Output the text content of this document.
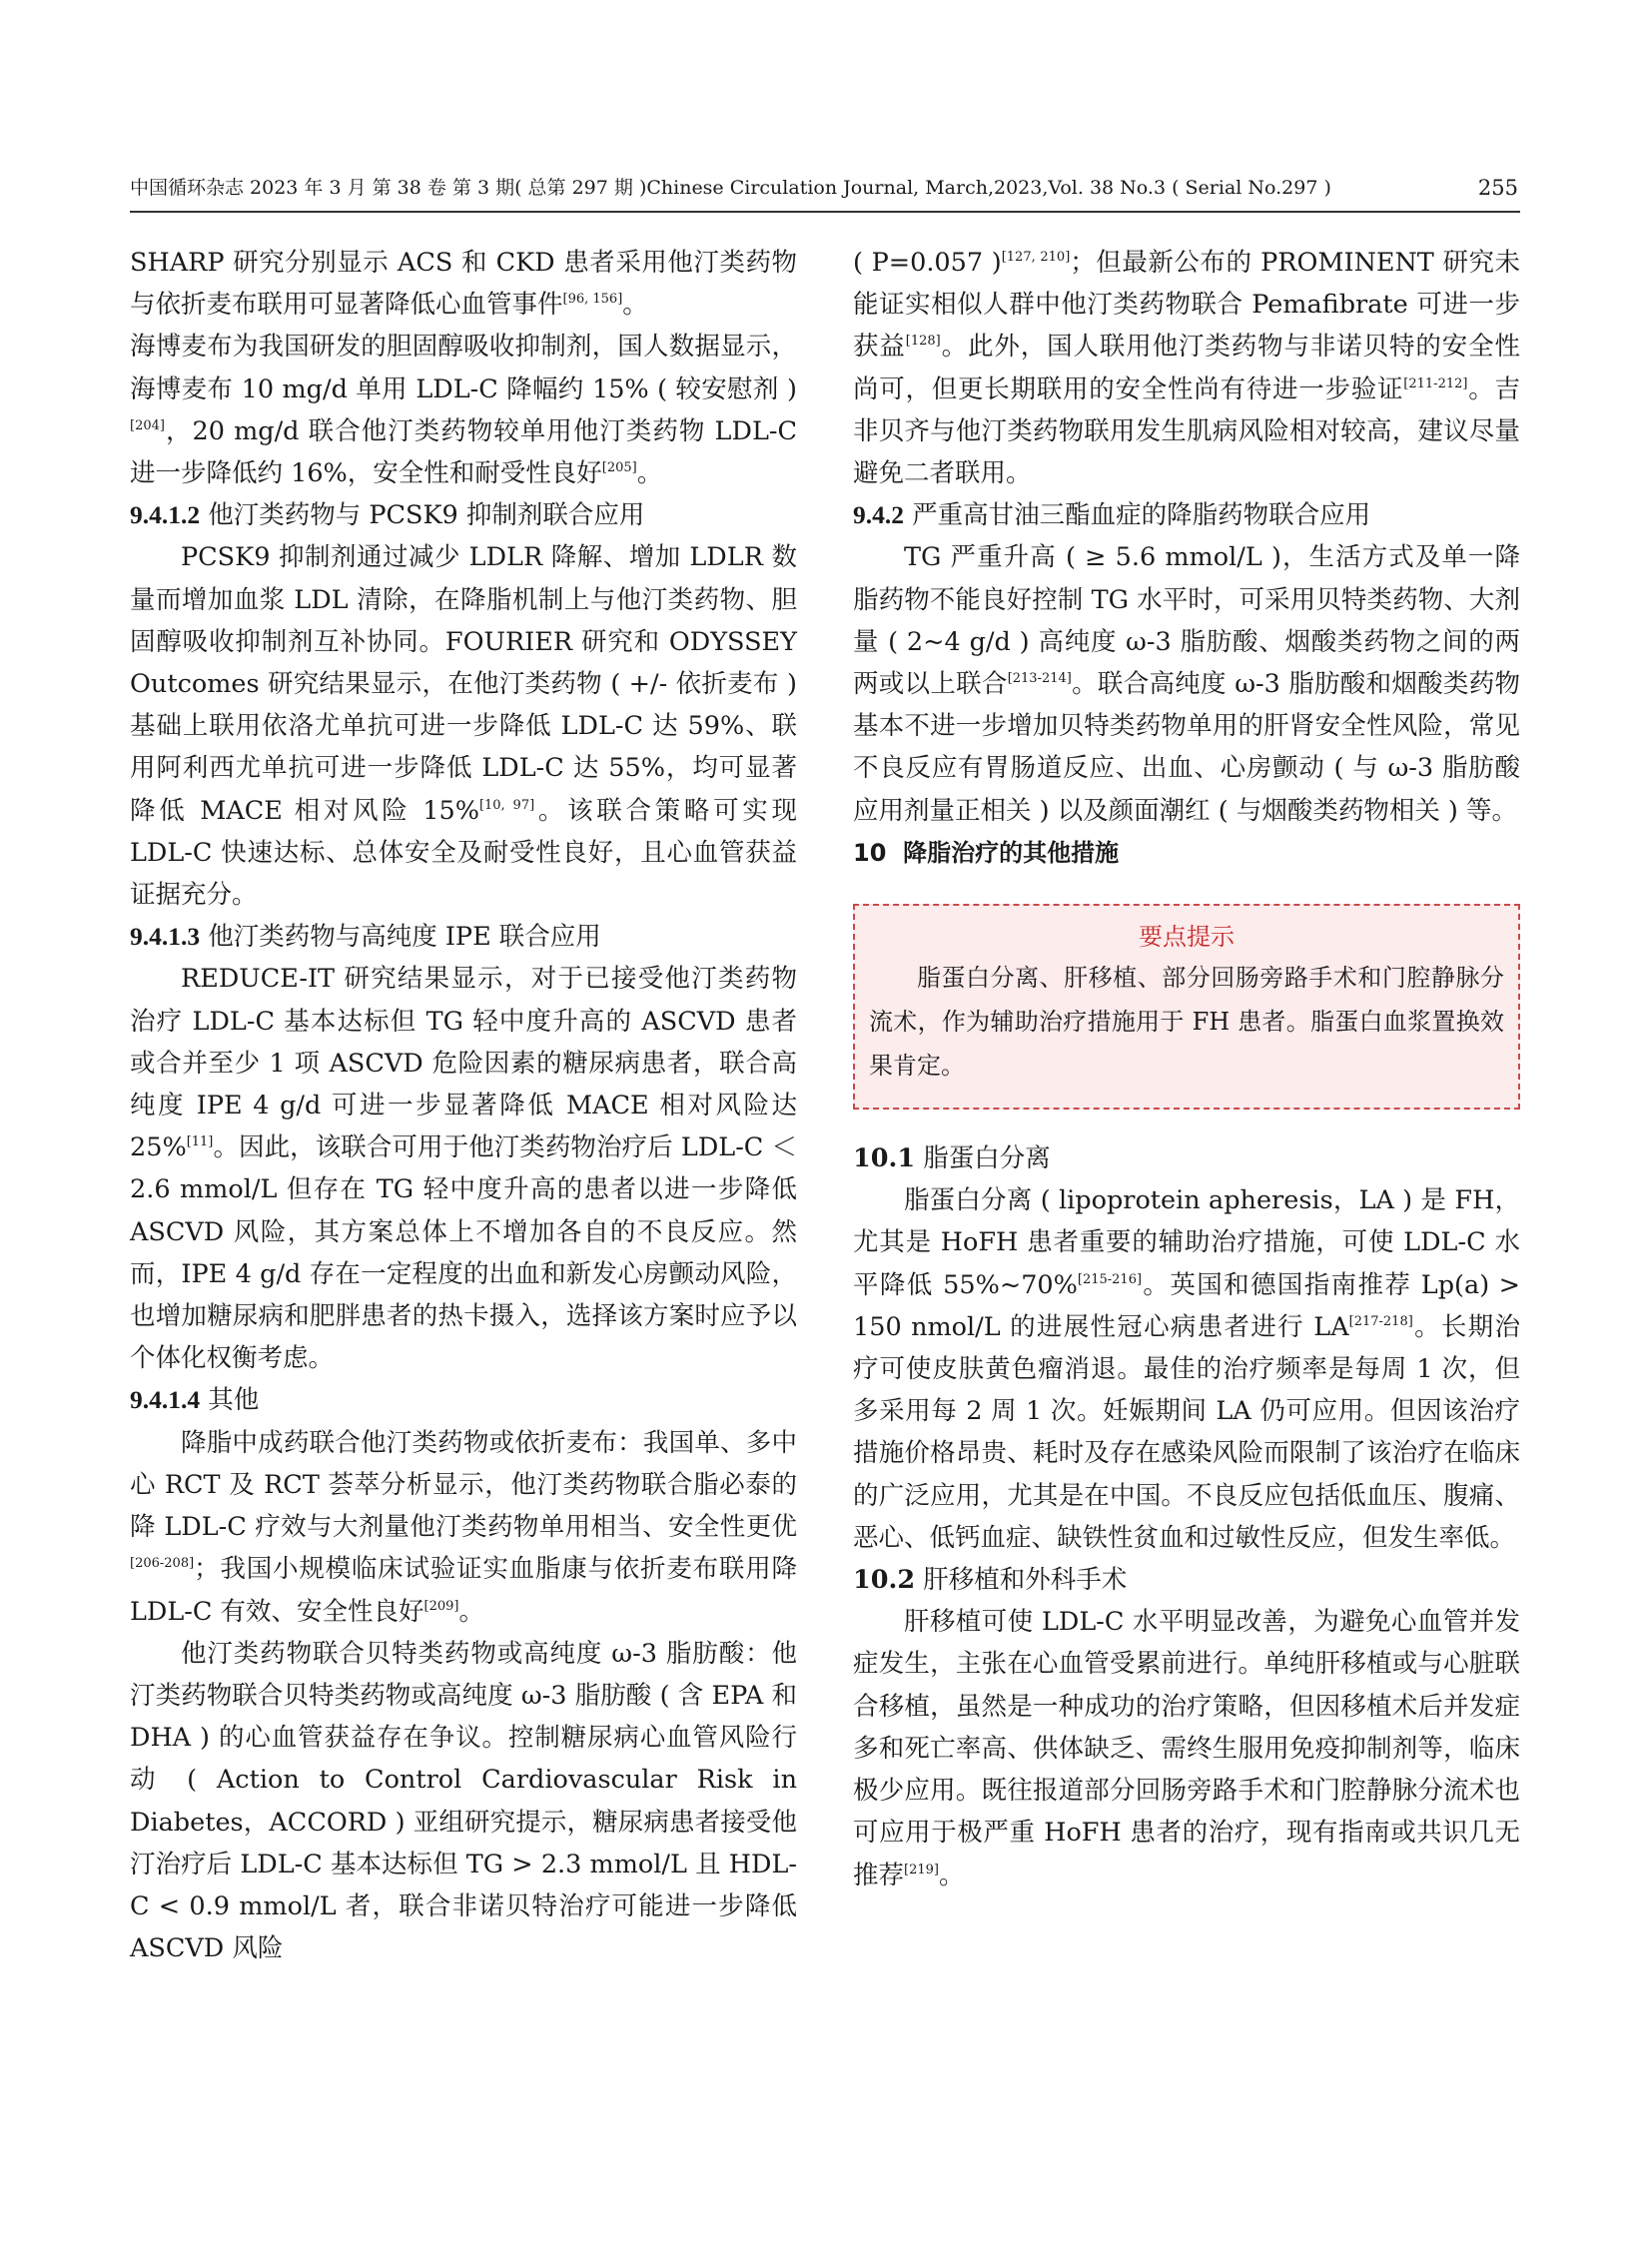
中国循环杂志 2023 年 3 月 第 38 卷 第 3 期( 总第 297 期 )Chinese Circulation Journal, March,2023,Vol. 38 No.3 ( Serial No.297 )	255

SHARP 研究分别显示 ACS 和 CKD 患者采用他汀类药物与依折麦布联用可显著降低心血管事件[96, 156]。

海博麦布为我国研发的胆固醇吸收抑制剂，国人数据显示，海博麦布 10 mg/d 单用 LDL-C 降幅约 15% ( 较安慰剂 )[204]，20 mg/d 联合他汀类药物较单用他汀类药物 LDL-C 进一步降低约 16%，安全性和耐受性良好[205]。

9.4.1.2 他汀类药物与 PCSK9 抑制剂联合应用

PCSK9 抑制剂通过减少 LDLR 降解、增加 LDLR 数量而增加血浆 LDL 清除，在降脂机制上与他汀类药物、胆固醇吸收抑制剂互补协同。FOURIER 研究和 ODYSSEY Outcomes 研究结果显示，在他汀类药物 ( +/- 依折麦布 ) 基础上联用依洛尤单抗可进一步降低 LDL-C 达 59%、联用阿利西尤单抗可进一步降低 LDL-C 达 55%，均可显著降低 MACE 相对风险 15%[10, 97]。该联合策略可实现 LDL-C 快速达标、总体安全及耐受性良好，且心血管获益证据充分。

9.4.1.3 他汀类药物与高纯度 IPE 联合应用

REDUCE-IT 研究结果显示，对于已接受他汀类药物治疗 LDL-C 基本达标但 TG 轻中度升高的 ASCVD 患者或合并至少 1 项 ASCVD 危险因素的糖尿病患者，联合高纯度 IPE 4 g/d 可进一步显著降低 MACE 相对风险达 25%[11]。因此，该联合可用于他汀类药物治疗后 LDL-C ＜ 2.6 mmol/L 但存在 TG 轻中度升高的患者以进一步降低 ASCVD 风险，其方案总体上不增加各自的不良反应。然而，IPE 4 g/d 存在一定程度的出血和新发心房颤动风险，也增加糖尿病和肥胖患者的热卡摄入，选择该方案时应予以个体化权衡考虑。

9.4.1.4 其他

降脂中成药联合他汀类药物或依折麦布：我国单、多中心 RCT 及 RCT 荟萃分析显示，他汀类药物联合脂必泰的降 LDL-C 疗效与大剂量他汀类药物单用相当、安全性更优[206-208]；我国小规模临床试验证实血脂康与依折麦布联用降 LDL-C 有效、安全性良好[209]。

他汀类药物联合贝特类药物或高纯度 ω-3 脂肪酸：他汀类药物联合贝特类药物或高纯度 ω-3 脂肪酸 ( 含 EPA 和 DHA ) 的心血管获益存在争议。控制糖尿病心血管风险行动 ( Action to Control Cardiovascular Risk in Diabetes，ACCORD ) 亚组研究提示，糖尿病患者接受他汀治疗后 LDL-C 基本达标但 TG > 2.3 mmol/L 且 HDL-C < 0.9 mmol/L 者，联合非诺贝特治疗可能进一步降低 ASCVD 风险

( P=0.057 )[127, 210]；但最新公布的 PROMINENT 研究未能证实相似人群中他汀类药物联合 Pemafibrate 可进一步获益[128]。此外，国人联用他汀类药物与非诺贝特的安全性尚可，但更长期联用的安全性尚有待进一步验证[211-212]。吉非贝齐与他汀类药物联用发生肌病风险相对较高，建议尽量避免二者联用。

9.4.2 严重高甘油三酯血症的降脂药物联合应用

TG 严重升高 ( ≥ 5.6 mmol/L )，生活方式及单一降脂药物不能良好控制 TG 水平时，可采用贝特类药物、大剂量 ( 2~4 g/d ) 高纯度 ω-3 脂肪酸、烟酸类药物之间的两两或以上联合[213-214]。联合高纯度 ω-3 脂肪酸和烟酸类药物基本不进一步增加贝特类药物单用的肝肾安全性风险，常见不良反应有胃肠道反应、出血、心房颤动 ( 与 ω-3 脂肪酸应用剂量正相关 ) 以及颜面潮红 ( 与烟酸类药物相关 ) 等。

10 降脂治疗的其他措施
要点提示
脂蛋白分离、肝移植、部分回肠旁路手术和门腔静脉分流术，作为辅助治疗措施用于 FH 患者。脂蛋白血浆置换效果肯定。
10.1 脂蛋白分离

脂蛋白分离 ( lipoprotein apheresis，LA ) 是 FH，尤其是 HoFH 患者重要的辅助治疗措施，可使 LDL-C 水平降低 55%~70%[215-216]。英国和德国指南推荐 Lp(a) > 150 nmol/L 的进展性冠心病患者进行 LA[217-218]。长期治疗可使皮肤黄色瘤消退。最佳的治疗频率是每周 1 次，但多采用每 2 周 1 次。妊娠期间 LA 仍可应用。但因该治疗措施价格昂贵、耗时及存在感染风险而限制了该治疗在临床的广泛应用，尤其是在中国。不良反应包括低血压、腹痛、恶心、低钙血症、缺铁性贫血和过敏性反应，但发生率低。

10.2 肝移植和外科手术

肝移植可使 LDL-C 水平明显改善，为避免心血管并发症发生，主张在心血管受累前进行。单纯肝移植或与心脏联合移植，虽然是一种成功的治疗策略，但因移植术后并发症多和死亡率高、供体缺乏、需终生服用免疫抑制剂等，临床极少应用。既往报道部分回肠旁路手术和门腔静脉分流术也可应用于极严重 HoFH 患者的治疗，现有指南或共识几无推荐[219]。
